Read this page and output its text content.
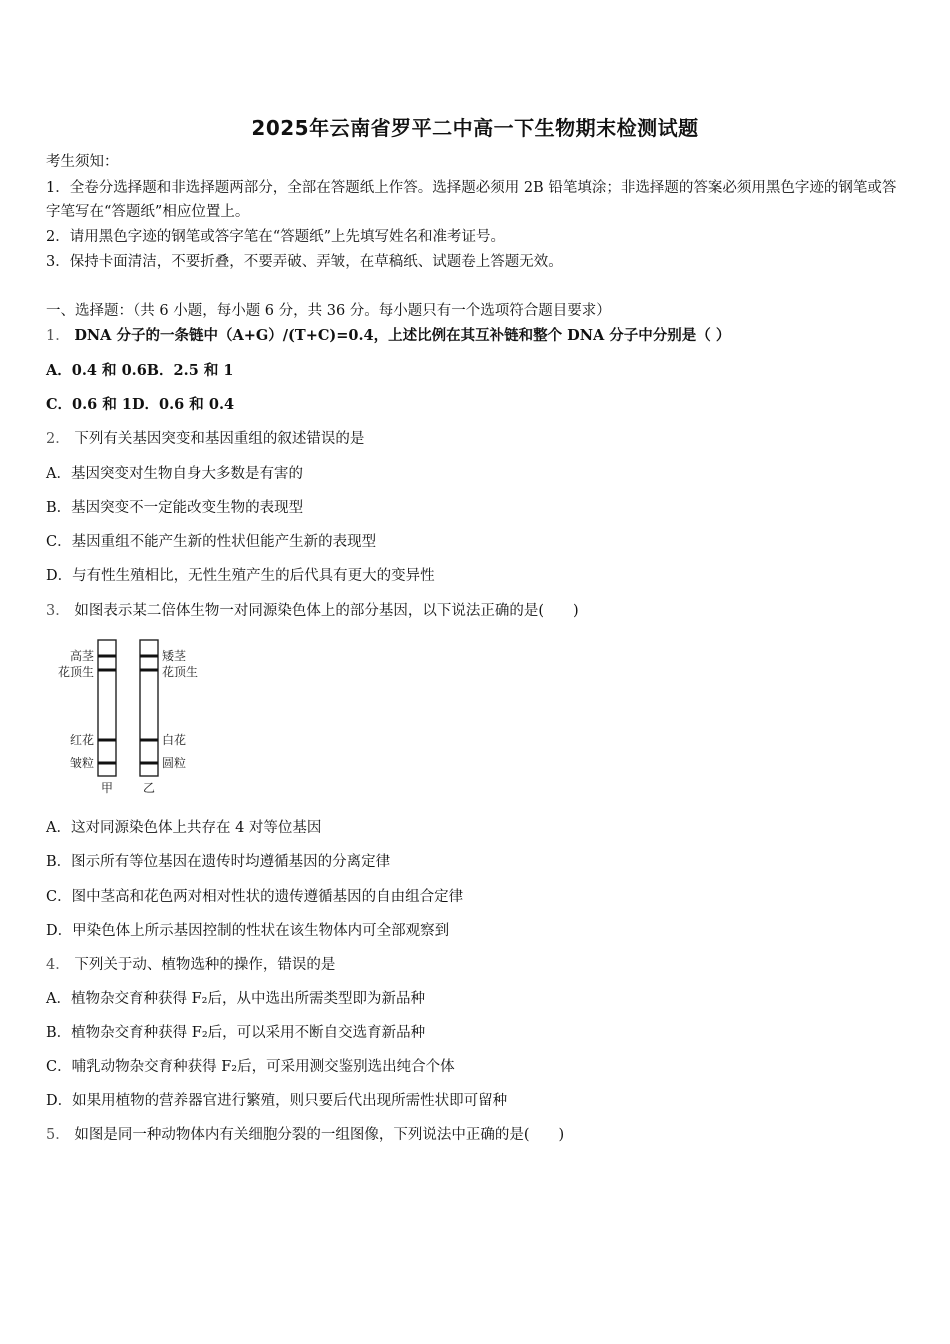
2025年云南省罗平二中高一下生物期末检测试题
考生须知：
1．全卷分选择题和非选择题两部分，全部在答题纸上作答。选择题必须用 2B 铅笔填涂；非选择题的答案必须用黑色字迹的钢笔或答字笔写在“答题纸”相应位置上。
2．请用黑色字迹的钢笔或答字笔在“答题纸”上先填写姓名和准考证号。
3．保持卡面清洁，不要折叠，不要弄破、弄皱，在草稿纸、试题卷上答题无效。
一、选择题：（共 6 小题，每小题 6 分，共 36 分。每小题只有一个选项符合题目要求）
1． DNA 分子的一条链中（A+G）/(T+C)=0.4，上述比例在其互补链和整个 DNA 分子中分别是（ ）
A．0.4 和 0.6B．2.5 和 1
C．0.6 和 1D．0.6 和 0.4
2． 下列有关基因突变和基因重组的叙述错误的是
A．基因突变对生物自身大多数是有害的
B．基因突变不一定能改变生物的表现型
C．基因重组不能产生新的性状但能产生新的表现型
D．与有性生殖相比，无性生殖产生的后代具有更大的变异性
3． 如图表示某二倍体生物一对同源染色体上的部分基因，以下说法正确的是(　　)
高茎
花顶生
红花
皱粒
矮茎
花顶生
白花
圆粒
甲 乙
A．这对同源染色体上共存在 4 对等位基因
B．图示所有等位基因在遗传时均遵循基因的分离定律
C．图中茎高和花色两对相对性状的遗传遵循基因的自由组合定律
D．甲染色体上所示基因控制的性状在该生物体内可全部观察到
4． 下列关于动、植物选种的操作，错误的是
A．植物杂交育种获得 F₂后，从中选出所需类型即为新品种
B．植物杂交育种获得 F₂后，可以采用不断自交选育新品种
C．哺乳动物杂交育种获得 F₂后，可采用测交鉴别选出纯合个体
D．如果用植物的营养器官进行繁殖，则只要后代出现所需性状即可留种
5． 如图是同一种动物体内有关细胞分裂的一组图像，下列说法中正确的是(　　)
